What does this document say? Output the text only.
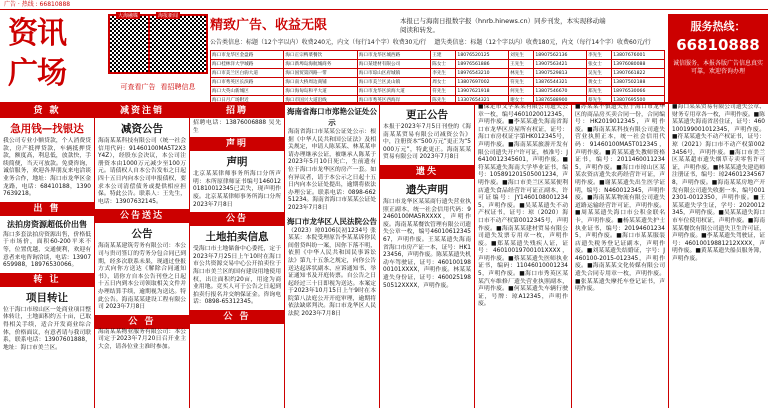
广告 · 热线 : 66810888
资讯
广场
大海融媒
可查看广告
海报新闻
看招聘信息
精致广告、收益无限	本报已与海南日报数字报（hnrb.hinews.cn）同步刊发，本实现移动端阅读和转发。
公告类信息：标题（12个字以内）收费240元，内文（每行14个字）收费30元/行 遗失类信息：标题（12个字以内）收费180元，内文（每行14个字）收费60元/行
海口市龙华区金盘路	海口正宗鸭菜餐饮	海口市龙华区城西路	王建	18076520125	刘先生	18907562136	李先生	13807676001
海口桂林洋大学城路	海口新埠岛海航城商务	海口某建材有限公司	陈女士	18976561886	王先生	13907563421	张女士	13976080088
海口市美兰区白驹大道	海口国贸第四路一带	海口市琼山区府城镇	李先生	18976543210	林先生	13907529813	吴先生	13907661822
海口市秀英区长滨路	海口南大桥周边商铺	海口市美兰区灵山镇	周女士	13807697002	符先生	13876544321	黄女士	13807502188
海口大英山新城区	海口海甸岛和平大道	海口市龙华区滨海大道	符先生	13907621918	何先生	13807546670	郑先生	18976530066
海口日月广场附近	海口市国兴大道沿线	海口市秀英区西海岸	陈先生	13307654321	谢女士	13876588900	蔡先生	13807695500
服务热线：
66810888
诚信服务，本报各版广告信息真实可靠，欢迎咨询办理
贷 款
急用钱—找银达
我公司专业小额贷款，个人消费贷款，房产抵押贷款，车辆抵押贷款，额度高，利息低，放款快，手续简便，当天可放款。免费咨询，诚信服务，欢迎各界朋友来电洽谈业务合作，地址：海口市龙华区金龙路，电话：68410188，13907639218。
出 售
法拍房资源超低价出售
海口多套法拍房资源出售，价格低于市场价，面积60-200平米不等，位置优越，交通便利，欢迎有意者来电咨询洽谈，电话：13907659988，18976530066。
转 让
项目转让
位于海口市琼山区一处商业项目整体转让，土地面积约五十亩，已取得相关手续，适合开发商业综合体，价格面议，有意者请与我司联系，联系电话：13907601888，地址：海口市美兰区。
减资注销
减资公告
海南某某科技有限公司（统一社会信用代码：91460100MA5T2X3Y4Z），经股东会决议，本公司注册资本由1000万元减少至100万元。请债权人自本公告发布之日起四十五日内向本公司申报债权，要求本公司清偿债务或提供相应担保。特此公告。联系人：王先生，电话：13907632145。
公告送达
公告
海南某某建筑劳务有限公司：本公司与贵司签订的劳务分包合同已到期，经多次联系未果，现通过登报方式向你方送达《解除合同通知书》，请你方自本公告刊登之日起十五日内到本公司领取相关文件并办理结算手续，逾期视为送达。特此公告。海南某某建设工程有限公司 2023年7月8日
公 告
海南某某物业服务有限公司：本公司定于2023年7月20日召开业主大会，请各位业主准时参加。
招聘
招聘电话：13876006888 吴先生
声明
声明
北京某某律师事务所海口分所声明：本所原律师证书编号14601201810012345已丢失，现声明作废。北京某某律师事务所海口分所 2023年7月8日
公告
土地拍卖信息
受海口市土地储备中心委托，定于2023年7月25日上午10时在海口市公共资源交易中心公开拍卖位于海口市美兰区的国有建设用地使用权，出让面积约20亩，用途为商业用地。竞买人可于公告之日起到拍卖行报名并交纳保证金。咨询电话：0898-65312345。
公 告
海南省海口市郑艳公证处公示
海南省海口市某某公证处公示：根据《中华人民共和国公证法》及相关规定，申请人陈某某、林某某申请办理继承公证，被继承人陈某于2023年5月10日死亡，生前遗有位于海口市龙华区的房产一套。如有异议者，请于本公示之日起十五日内向本公证处提出，逾期将依法办理公证。联系电话：0898-66251234。海南省海口市某某公证处 2023年7月8日
海口市龙华区人民法院公告
（2023）琼0106民初1234号 张某某：本院受理原告李某某诉你民间借贷纠纷一案，因你下落不明，依照《中华人民共和国民事诉讼法》第九十五条之规定，向你公告送达起诉状副本、应诉通知书、举证通知书及开庭传票。自公告之日起经过三十日即视为送达。本案定于2023年10月15日上午9时在本院第八法庭公开开庭审理，逾期将依法缺席判决。海口市龙华区人民法院 2023年7月8日
更正公告
本报于2023年7月5日刊登的《海南某某贸易有限公司减资公告》中，注册资本“500万元”更正为“5000万元”，特此更正。海南某某贸易有限公司 2023年7月8日
遗失
遗失声明
海口市龙华区某某商行遗失营业执照正副本，统一社会信用代码：92460100MA5RXXXX，声明作废。海南某某餐饮管理有限公司遗失公章一枚，编号4601061234567，声明作废。王某某遗失海南省海口市房产证一本，证号：HK123456，声明作废。陈某某遗失机动车驾驶证，证号：46010019800101XXXX，声明作废。林某某遗失身份证，证号：46002519850512XXXX，声明作废。
■保定市文学某某有限公司遗失公章一枚，编号4601020012345，声明作废。■李某某遗失海南省海口市龙华区房屋所有权证，证号：海口市房权证字第HK012345号，声明作废。■海南某某旅游开发有限公司遗失开户许可证，核准号：J6410012345601，声明作废。■符某某遗失海南大学毕业证书，编号：105891201505001234，声明作废。■海口市美兰区某某便利店遗失食品经营许可证正副本，许可证编号：JY14601080012345，声明作废。■吴某某遗失不动产权证书，证号：琼（2020）海口市不动产权第0012345号，声明作废。■海南某某建材贸易有限公司遗失发票专用章一枚，声明作废。■郑某某遗失残疾人证，证号：46010019700101XXXX，声明作废。■蔡某某遗失医师执业证书，编码：110460100012345，声明作废。■海口市秀英区某某汽车维修厂遗失营业执照副本，声明作废。■何某某遗失车辆行驶证，号牌：琼A12345，声明作废。
■苏某某不慎遗失位于海口市龙华区的商品房买卖合同一份，合同编号：HK2019012345，声明作废。■海南某某科技有限公司遗失营业执照正本，统一社会信用代码：91460100MA5T012345，声明作废。■黄某某遗失教师资格证书，编号：20114600112345，声明作废。■海口市琼山区某某农资店遗失农药经营许可证，声明作废。■谢某某遗失出生医学证明，编号：N460012345，声明作废。■海南某某物流有限公司遗失道路运输经营许可证，声明作废。■周某某遗失海口市公积金联名卡，声明作废。■杨某某遗失护士执业证书，编号：201946012345，声明作废。■海口市某某服装店遗失税务登记证副本，声明作废。■刘某某遗失结婚证，字号：J460100-2015-012345，声明作废。■海南某某文化传媒有限公司遗失合同专用章一枚，声明作废。■张某某遗失摩托车登记证书，声明作废。
■海口某某贸易有限公司遗失公章、财务专用章各一枚，声明作废。■陈某某遗失海南省居住证，证号：460100199001012345，声明作废。■符某某遗失不动产权证书，证号：琼（2021）海口市不动产权第0023456号，声明作废。■海口市美兰区某某超市遗失烟草专卖零售许可证，声明作废。■林某某遗失建造师注册证书，编号：琼246012345678，声明作废。■海南某某房地产开发有限公司遗失收据一本，编号0012301-0012350，声明作废。■王某某遗失学生证，学号：2020012345，声明作废。■吴某某遗失海口市车位使用权证，声明作废。■海南某某餐饮有限公司遗失卫生许可证，声明作废。■李某某遗失驾驶证，证号：46010019881212XXXX，声明作废。■黄某某遗失船员服务簿，声明作废。
